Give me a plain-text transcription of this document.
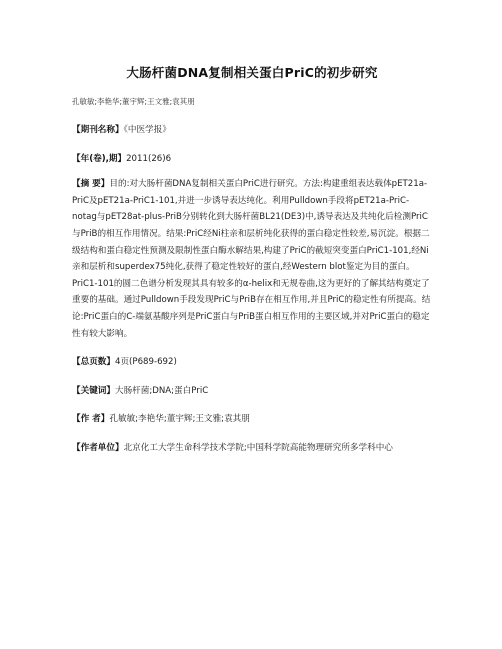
大肠杆菌DNA复制相关蛋白PriC的初步研究
孔敏敏;李艳华;董宇辉;王文雅;袁其朋
【期刊名称】《中医学报》
【年(卷),期】2011(26)6
【摘 要】目的:对大肠杆菌DNA复制相关蛋白PriC进行研究。方法:构建重组表达载体pET21a-PriC及pET21a-PriC1-101,并进一步诱导表达纯化。利用Pulldown手段将pET21a-PriC-notag与pET28at-plus-PriB分别转化到大肠杆菌BL21(DE3)中,诱导表达及共纯化后检测PriC与PriB的相互作用情况。结果:PriC经Ni柱亲和层析纯化获得的蛋白稳定性较差,易沉淀。根据二级结构和蛋白稳定性预测及限制性蛋白酶水解结果,构建了PriC的截短突变蛋白PriC1-101,经Ni亲和层析和superdex75纯化,获得了稳定性较好的蛋白,经Western blot鉴定为目的蛋白。PriC1-101的圆二色谱分析发现其具有较多的α-helix和无规卷曲,这为更好的了解其结构奠定了重要的基础。通过Pulldown手段发现PriC与PriB存在相互作用,并且PriC的稳定性有所提高。结论:PriC蛋白的C-端氨基酸序列是PriC蛋白与PriB蛋白相互作用的主要区域,并对PriC蛋白的稳定性有较大影响。
【总页数】4页(P689-692)
【关键词】大肠杆菌;DNA;蛋白PriC
【作 者】孔敏敏;李艳华;董宇辉;王文雅;袁其朋
【作者单位】北京化工大学生命科学技术学院;中国科学院高能物理研究所多学科中心
